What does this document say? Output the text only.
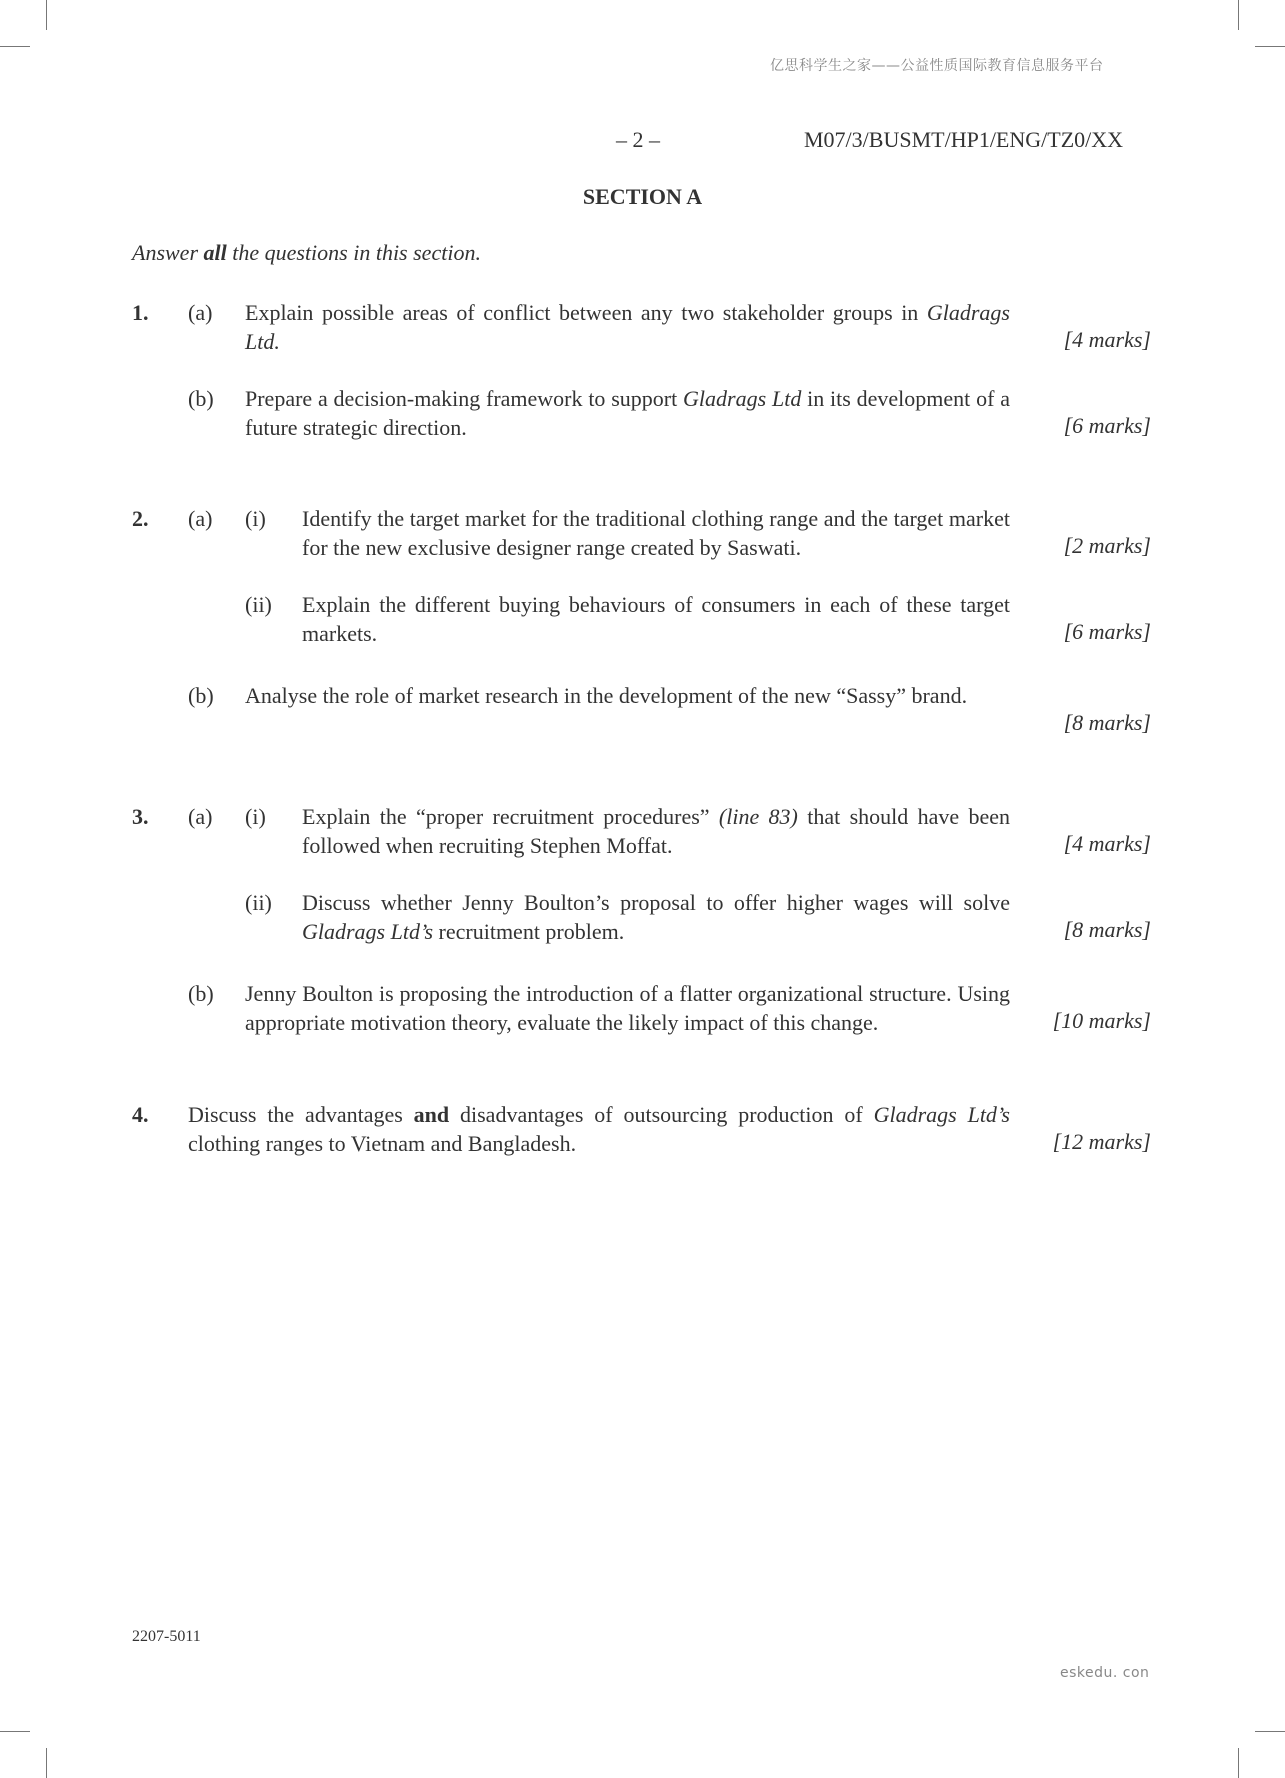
亿思科学生之家——公益性质国际教育信息服务平台
– 2 –	M07/3/BUSMT/HP1/ENG/TZ0/XX
SECTION A
Answer all the questions in this section.
1. (a) Explain possible areas of conflict between any two stakeholder groups in Gladrags Ltd.	[4 marks]
(b) Prepare a decision-making framework to support Gladrags Ltd in its development of a future strategic direction.	[6 marks]
2. (a) (i) Identify the target market for the traditional clothing range and the target market for the new exclusive designer range created by Saswati.	[2 marks]
(ii) Explain the different buying behaviours of consumers in each of these target markets.	[6 marks]
(b) Analyse the role of market research in the development of the new “Sassy” brand.
[8 marks]
3. (a) (i) Explain the “proper recruitment procedures” (line 83) that should have been followed when recruiting Stephen Moffat.	[4 marks]
(ii) Discuss whether Jenny Boulton’s proposal to offer higher wages will solve Gladrags Ltd’s recruitment problem.	[8 marks]
(b) Jenny Boulton is proposing the introduction of a flatter organizational structure. Using appropriate motivation theory, evaluate the likely impact of this change.	[10 marks]
4. Discuss the advantages and disadvantages of outsourcing production of Gladrags Ltd’s clothing ranges to Vietnam and Bangladesh.	[12 marks]
2207-5011
eskedu. con
